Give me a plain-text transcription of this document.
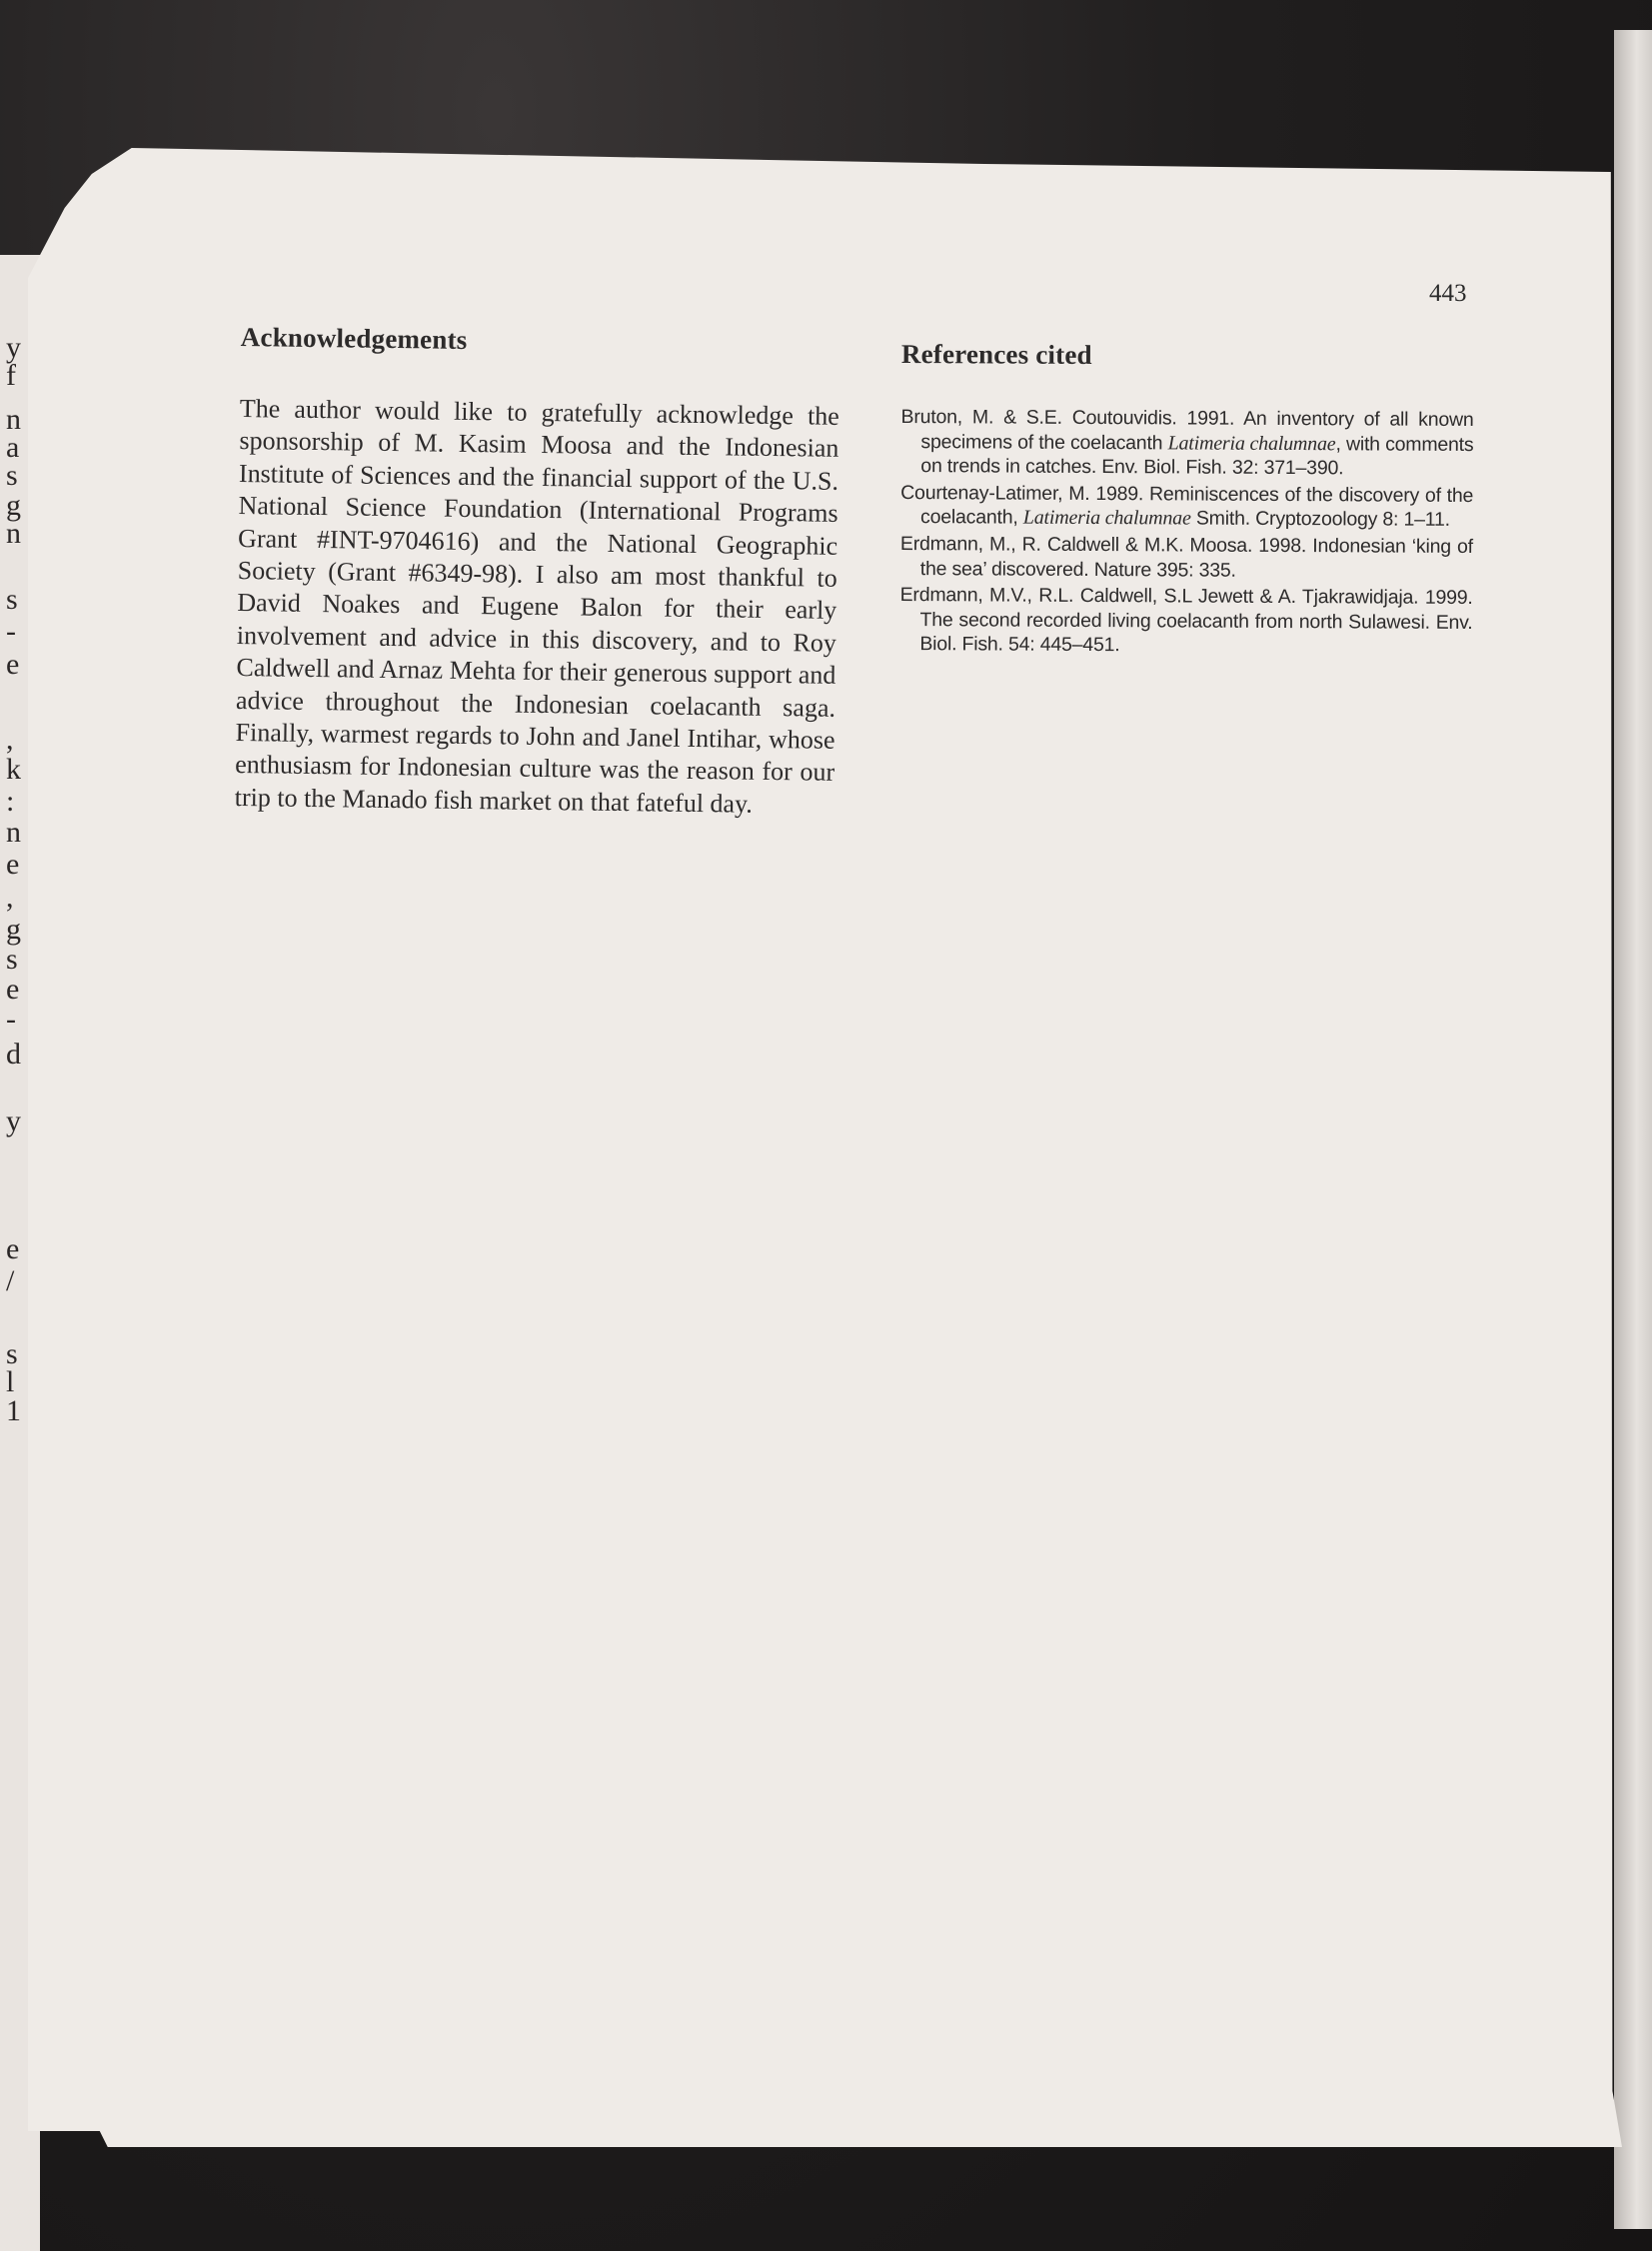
y
f
n
a
s
g
n
s
-
e
,
k
:
n
e
,
g
s
e
-
d
y
e
/
s
l
1
443
Acknowledgements

The author would like to gratefully acknowledge the sponsorship of M. Kasim Moosa and the Indonesian Institute of Sciences and the financial support of the U.S. National Science Foundation (International Programs Grant #INT-9704616) and the National Geographic Society (Grant #6349-98). I also am most thankful to David Noakes and Eugene Balon for their early involvement and advice in this discovery, and to Roy Caldwell and Arnaz Mehta for their generous support and advice throughout the Indonesian coelacanth saga. Finally, warmest regards to John and Janel Intihar, whose enthusiasm for Indonesian culture was the reason for our trip to the Manado fish market on that fateful day.

References cited

Bruton, M. & S.E. Coutouvidis. 1991. An inventory of all known specimens of the coelacanth Latimeria chalumnae, with comments on trends in catches. Env. Biol. Fish. 32: 371–390.

Courtenay-Latimer, M. 1989. Reminiscences of the discovery of the coelacanth, Latimeria chalumnae Smith. Cryptozoology 8: 1–11.

Erdmann, M., R. Caldwell & M.K. Moosa. 1998. Indonesian ‘king of the sea’ discovered. Nature 395: 335.

Erdmann, M.V., R.L. Caldwell, S.L Jewett & A. Tjakrawidjaja. 1999. The second recorded living coelacanth from north Sulawesi. Env. Biol. Fish. 54: 445–451.
